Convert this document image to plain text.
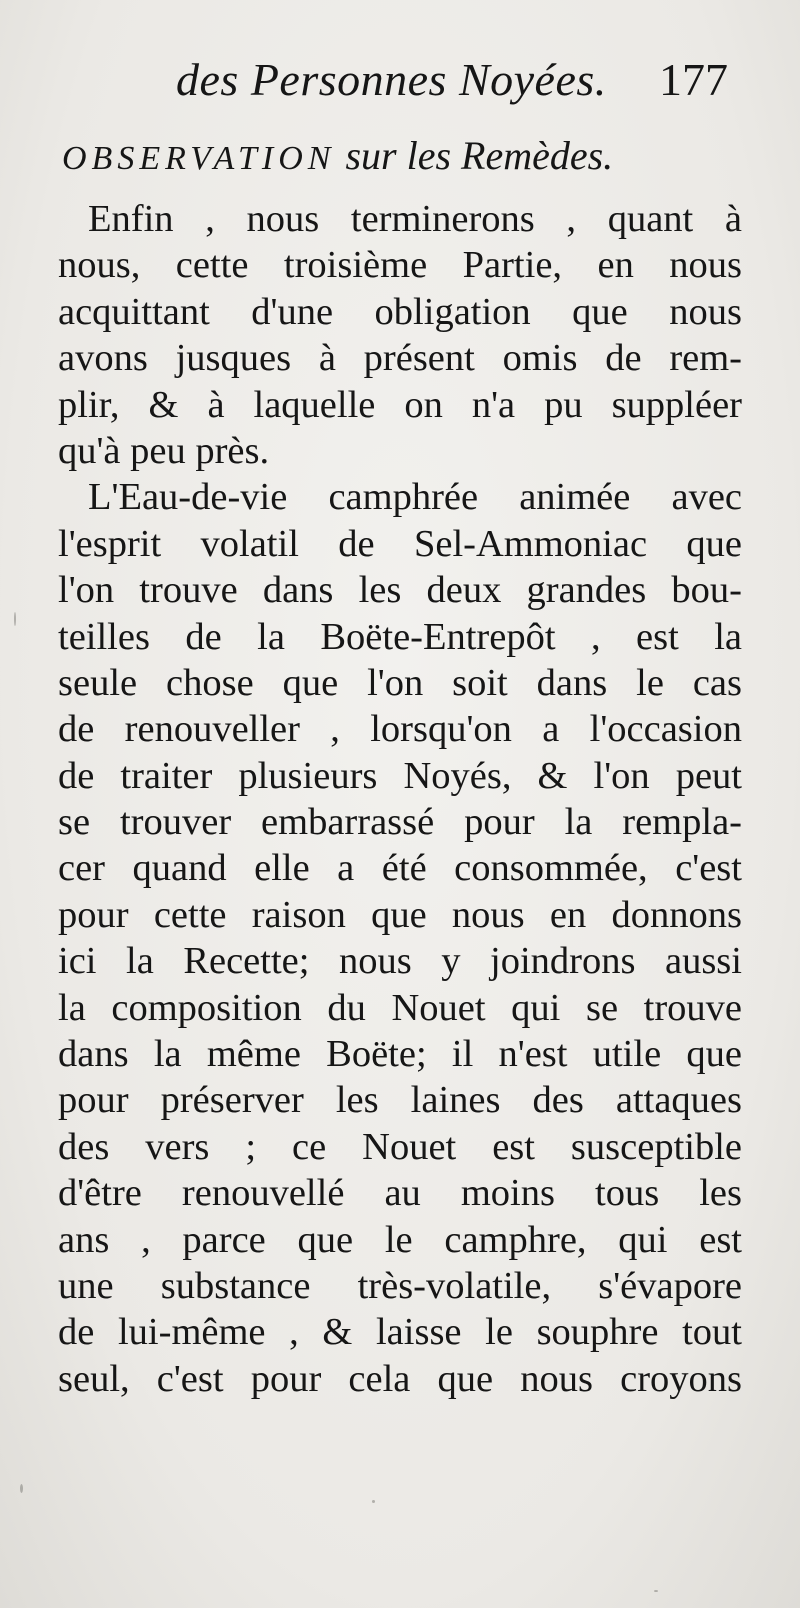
des Personnes Noyées. 177
OBSERVATION sur les Remèdes.
Enfin , nous terminerons , quant à
nous, cette troisième Partie, en nous
acquittant d'une obligation que nous
avons jusques à présent omis de rem-
plir, & à laquelle on n'a pu suppléer
qu'à peu près.
L'Eau-de-vie camphrée animée avec
l'esprit volatil de Sel-Ammoniac que
l'on trouve dans les deux grandes bou-
teilles de la Boëte-Entrepôt , est la
seule chose que l'on soit dans le cas
de renouveller , lorsqu'on a l'occasion
de traiter plusieurs Noyés, & l'on peut
se trouver embarrassé pour la rempla-
cer quand elle a été consommée, c'est
pour cette raison que nous en donnons
ici la Recette; nous y joindrons aussi
la composition du Nouet qui se trouve
dans la même Boëte; il n'est utile que
pour préserver les laines des attaques
des vers ; ce Nouet est susceptible
d'être renouvellé au moins tous les
ans , parce que le camphre, qui est
une substance très-volatile, s'évapore
de lui-même , & laisse le souphre tout
seul, c'est pour cela que nous croyons
